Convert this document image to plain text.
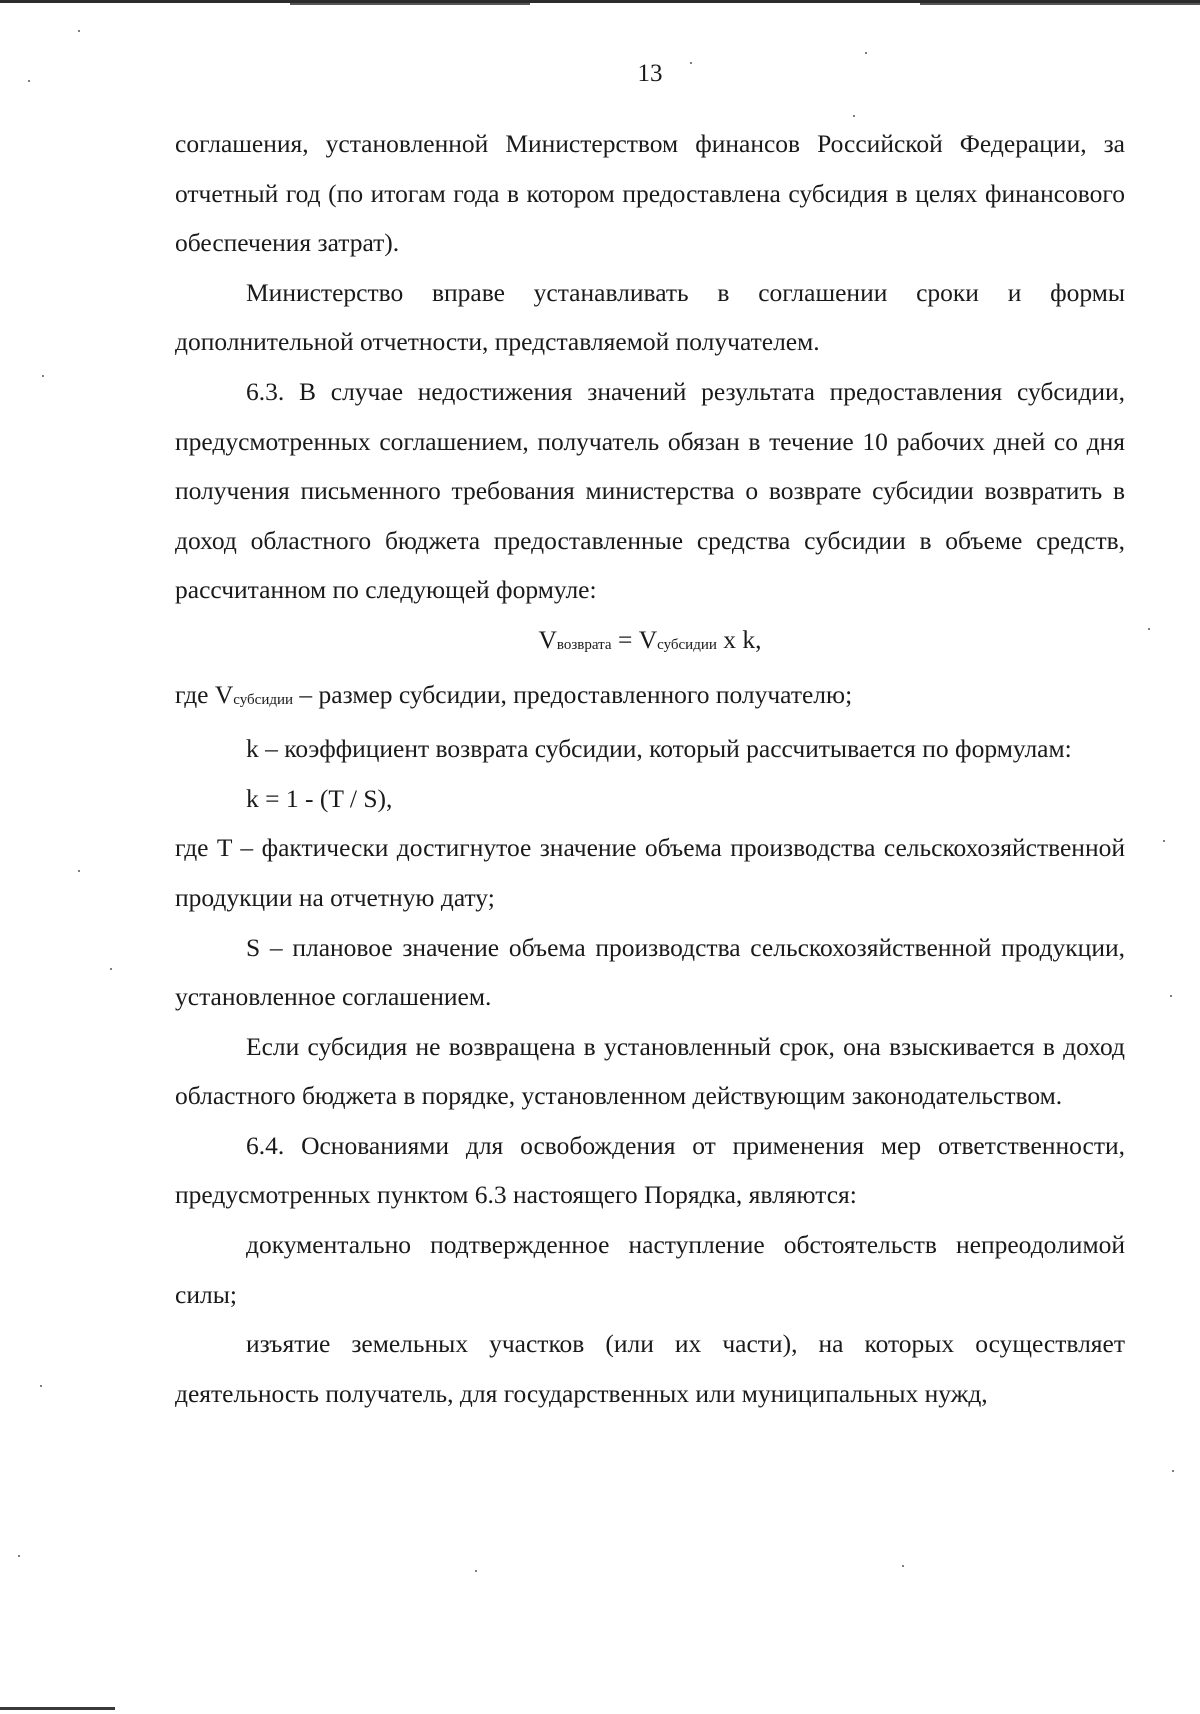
13

соглашения, установленной Министерством финансов Российской Федерации, за отчетный год (по итогам года в котором предоставлена субсидия в целях финансового обеспечения затрат).

Министерство вправе устанавливать в соглашении сроки и формы дополнительной отчетности, представляемой получателем.

6.3. В случае недостижения значений результата предоставления субсидии, предусмотренных соглашением, получатель обязан в течение 10 рабочих дней со дня получения письменного требования министерства о возврате субсидии возвратить в доход областного бюджета предоставленные средства субсидии в объеме средств, рассчитанном по следующей формуле:

$V_{возврата} = V_{субсидии}$ x k,

где $V_{субсидии}$ – размер субсидии, предоставленного получателю;

k – коэффициент возврата субсидии, который рассчитывается по формулам:

k = 1 - (T / S),

где T – фактически достигнутое значение объема производства сельскохозяйственной продукции на отчетную дату;

S – плановое значение объема производства сельскохозяйственной продукции, установленное соглашением.

Если субсидия не возвращена в установленный срок, она взыскивается в доход областного бюджета в порядке, установленном действующим законодательством.

6.4. Основаниями для освобождения от применения мер ответственности, предусмотренных пунктом 6.3 настоящего Порядка, являются:

документально подтвержденное наступление обстоятельств непреодолимой силы;

изъятие земельных участков (или их части), на которых осуществляет деятельность получатель, для государственных или муниципальных нужд,
